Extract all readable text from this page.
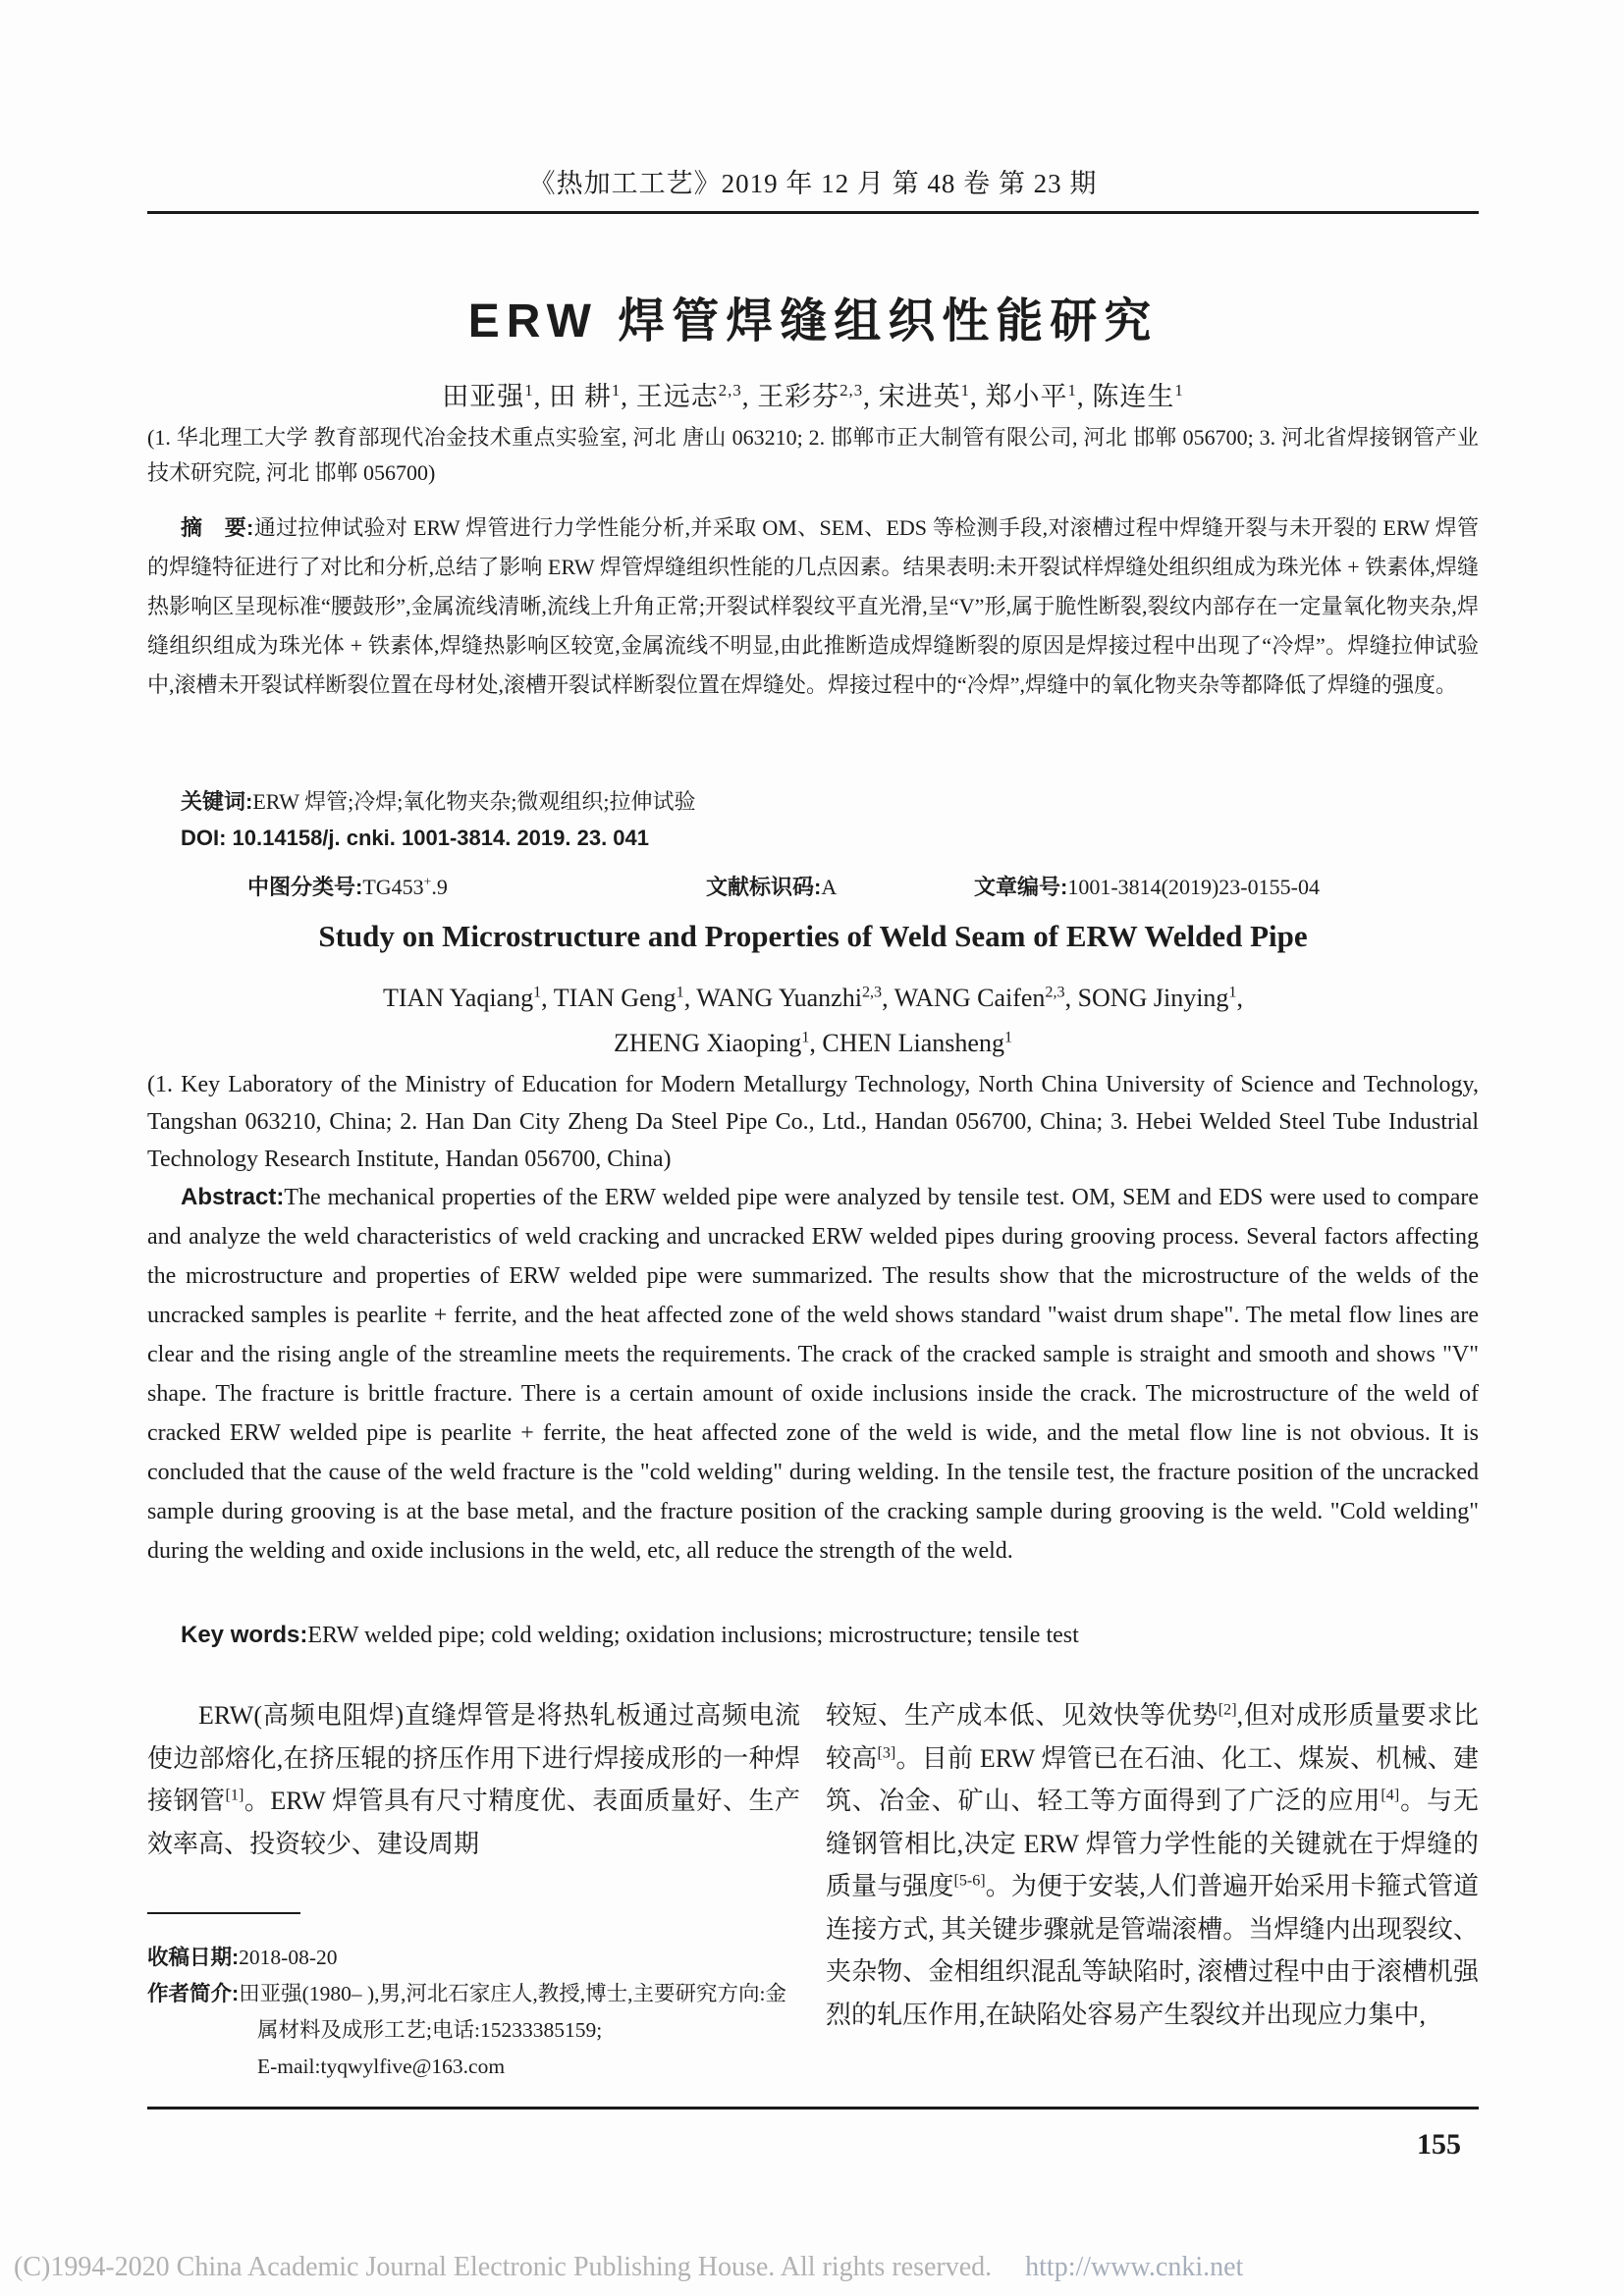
《热加工工艺》2019 年 12 月 第 48 卷 第 23 期
ERW 焊管焊缝组织性能研究
田亚强$^1$, 田 耕$^1$, 王远志$^{2,3}$, 王彩芬$^{2,3}$, 宋进英$^1$, 郑小平$^1$, 陈连生$^1$
(1. 华北理工大学 教育部现代冶金技术重点实验室, 河北 唐山 063210; 2. 邯郸市正大制管有限公司, 河北 邯郸 056700; 3. 河北省焊接钢管产业技术研究院, 河北 邯郸 056700)
摘　要:通过拉伸试验对 ERW 焊管进行力学性能分析,并采取 OM、SEM、EDS 等检测手段,对滚槽过程中焊缝开裂与未开裂的 ERW 焊管的焊缝特征进行了对比和分析,总结了影响 ERW 焊管焊缝组织性能的几点因素。结果表明:未开裂试样焊缝处组织组成为珠光体 + 铁素体,焊缝热影响区呈现标准“腰鼓形”,金属流线清晰,流线上升角正常;开裂试样裂纹平直光滑,呈“V”形,属于脆性断裂,裂纹内部存在一定量氧化物夹杂,焊缝组织组成为珠光体 + 铁素体,焊缝热影响区较宽,金属流线不明显,由此推断造成焊缝断裂的原因是焊接过程中出现了“冷焊”。焊缝拉伸试验中,滚槽未开裂试样断裂位置在母材处,滚槽开裂试样断裂位置在焊缝处。焊接过程中的“冷焊”,焊缝中的氧化物夹杂等都降低了焊缝的强度。
关键词:ERW 焊管;冷焊;氧化物夹杂;微观组织;拉伸试验
DOI: 10.14158/j. cnki. 1001-3814. 2019. 23. 041
中图分类号:TG453+.9	文献标识码:A	文章编号:1001-3814(2019)23-0155-04
Study on Microstructure and Properties of Weld Seam of ERW Welded Pipe
TIAN Yaqiang$^1$, TIAN Geng$^1$, WANG Yuanzhi$^{2,3}$, WANG Caifen$^{2,3}$, SONG Jinying$^1$,
ZHENG Xiaoping$^1$, CHEN Liansheng$^1$
(1. Key Laboratory of the Ministry of Education for Modern Metallurgy Technology, North China University of Science and Technology, Tangshan 063210, China; 2. Han Dan City Zheng Da Steel Pipe Co., Ltd., Handan 056700, China; 3. Hebei Welded Steel Tube Industrial Technology Research Institute, Handan 056700, China)
Abstract:The mechanical properties of the ERW welded pipe were analyzed by tensile test. OM, SEM and EDS were used to compare and analyze the weld characteristics of weld cracking and uncracked ERW welded pipes during grooving process. Several factors affecting the microstructure and properties of ERW welded pipe were summarized. The results show that the microstructure of the welds of the uncracked samples is pearlite + ferrite, and the heat affected zone of the weld shows standard "waist drum shape". The metal flow lines are clear and the rising angle of the streamline meets the requirements. The crack of the cracked sample is straight and smooth and shows "V" shape. The fracture is brittle fracture. There is a certain amount of oxide inclusions inside the crack. The microstructure of the weld of cracked ERW welded pipe is pearlite + ferrite, the heat affected zone of the weld is wide, and the metal flow line is not obvious. It is concluded that the cause of the weld fracture is the "cold welding" during welding. In the tensile test, the fracture position of the uncracked sample during grooving is at the base metal, and the fracture position of the cracking sample during grooving is the weld. "Cold welding" during the welding and oxide inclusions in the weld, etc, all reduce the strength of the weld.
Key words:ERW welded pipe; cold welding; oxidation inclusions; microstructure; tensile test
ERW(高频电阻焊)直缝焊管是将热轧板通过高频电流使边部熔化,在挤压辊的挤压作用下进行焊接成形的一种焊接钢管[1]。ERW 焊管具有尺寸精度优、表面质量好、生产效率高、投资较少、建设周期
收稿日期:2018-08-20
作者简介:田亚强(1980– ),男,河北石家庄人,教授,博士,主要研究方向:金
属材料及成形工艺;电话:15233385159;
E-mail:tyqwylfive@163.com
较短、生产成本低、见效快等优势[2],但对成形质量要求比较高[3]。目前 ERW 焊管已在石油、化工、煤炭、机械、建筑、冶金、矿山、轻工等方面得到了广泛的应用[4]。与无缝钢管相比,决定 ERW 焊管力学性能的关键就在于焊缝的质量与强度[5-6]。为便于安装,人们普遍开始采用卡箍式管道连接方式, 其关键步骤就是管端滚槽。当焊缝内出现裂纹、夹杂物、金相组织混乱等缺陷时, 滚槽过程中由于滚槽机强烈的轧压作用,在缺陷处容易产生裂纹并出现应力集中,
155
(C)1994-2020 China Academic Journal Electronic Publishing House. All rights reserved. http://www.cnki.net
